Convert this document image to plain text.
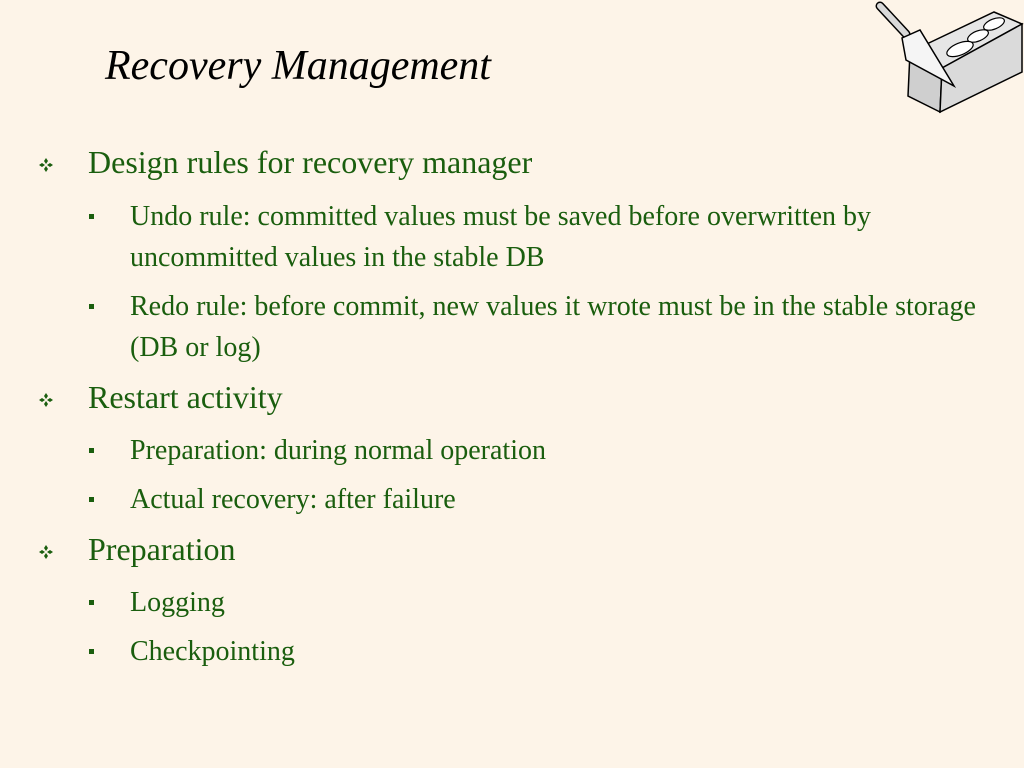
Recovery Management
Design rules for recovery manager
Undo rule: committed values must be saved before overwritten by uncommitted values in the stable DB
Redo rule: before commit, new values it wrote must be in the stable storage (DB or log)
Restart activity
Preparation: during normal operation
Actual recovery: after failure
Preparation
Logging
Checkpointing
